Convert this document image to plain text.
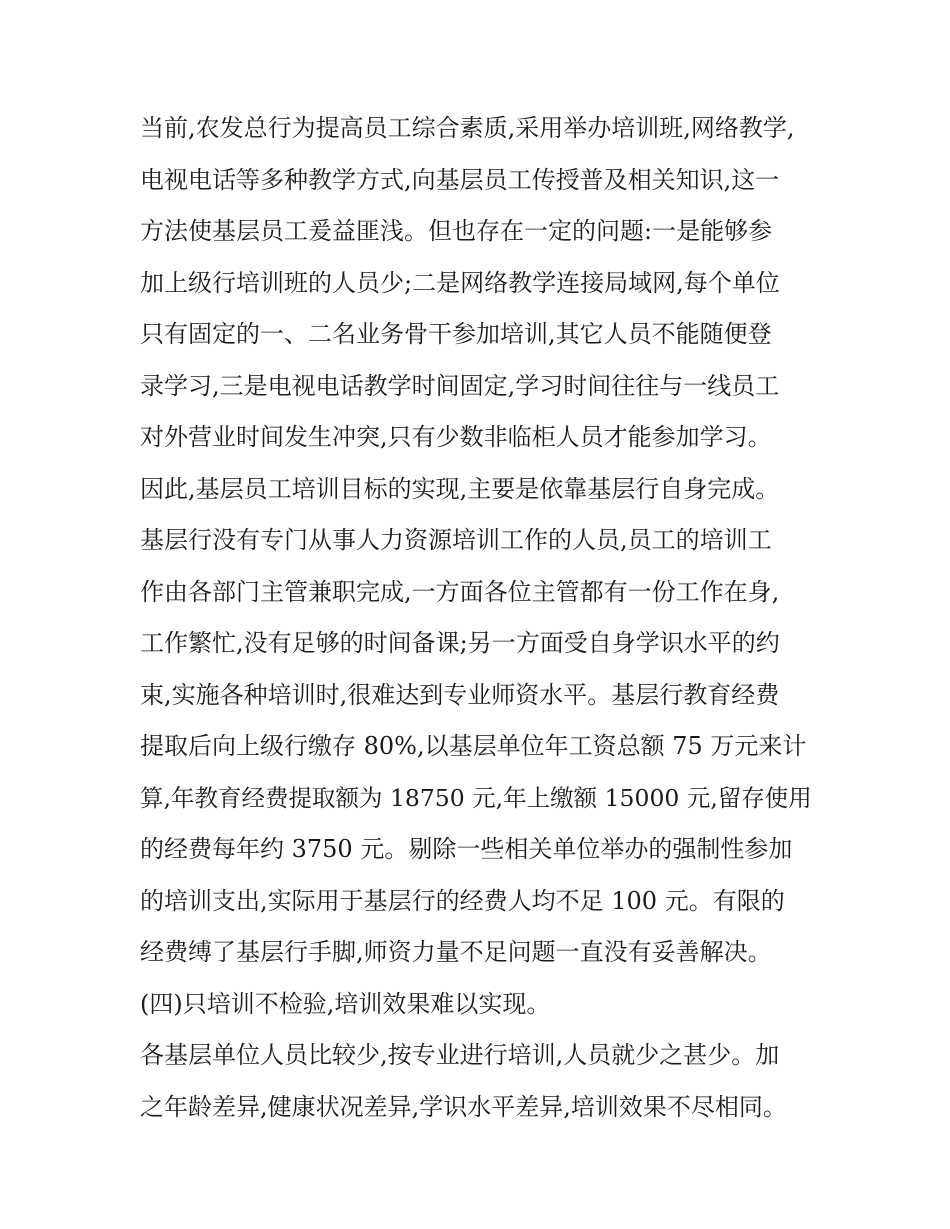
当前,农发总行为提高员工综合素质,采用举办培训班,网络教学,
电视电话等多种教学方式,向基层员工传授普及相关知识,这一
方法使基层员工爰益匪浅。但也存在一定的问题:一是能够参
加上级行培训班的人员少;二是网络教学连接局域网,每个单位
只有固定的一、二名业务骨干参加培训,其它人员不能随便登
录学习,三是电视电话教学时间固定,学习时间往往与一线员工
对外营业时间发生冲突,只有少数非临柜人员才能参加学习。
因此,基层员工培训目标的实现,主要是依靠基层行自身完成。
基层行没有专门从事人力资源培训工作的人员,员工的培训工
作由各部门主管兼职完成,一方面各位主管都有一份工作在身,
工作繁忙,没有足够的时间备课;另一方面受自身学识水平的约
束,实施各种培训时,很难达到专业师资水平。基层行教育经费
提取后向上级行缴存 80%,以基层单位年工资总额 75 万元来计
算,年教育经费提取额为 18750 元,年上缴额 15000 元,留存使用
的经费每年约 3750 元。剔除一些相关单位举办的强制性参加
的培训支出,实际用于基层行的经费人均不足 100 元。有限的
经费缚了基层行手脚,师资力量不足问题一直没有妥善解决。
(四)只培训不检验,培训效果难以实现。
各基层单位人员比较少,按专业进行培训,人员就少之甚少。加
之年龄差异,健康状况差异,学识水平差异,培训效果不尽相同。
